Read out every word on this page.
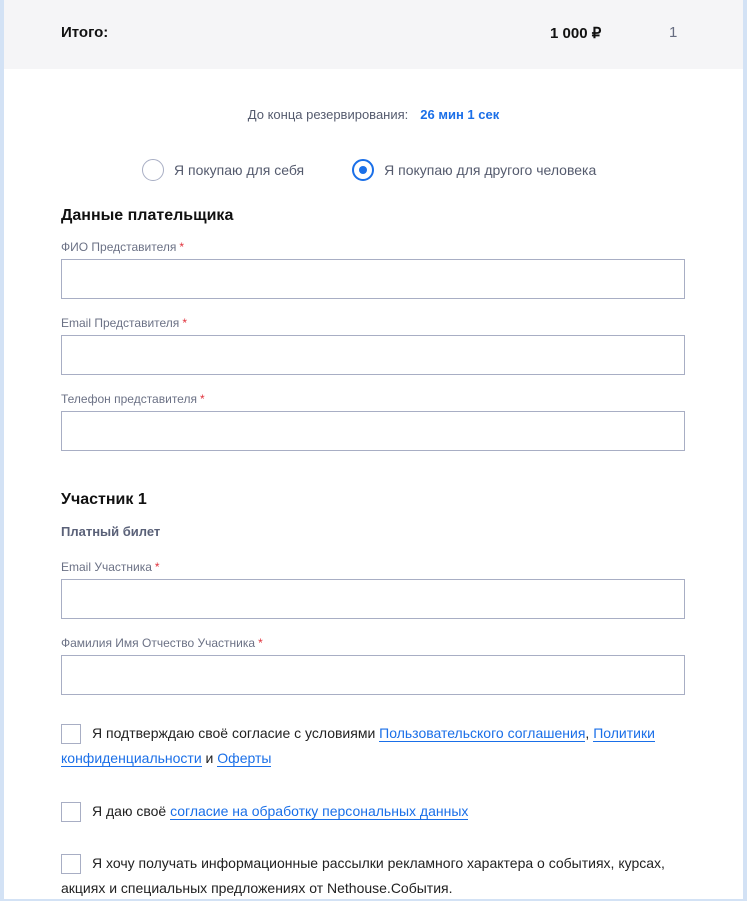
Итого:	1 000 ₽	1
До конца резервирования: 26 мин 1 сек
Я покупаю для себя	Я покупаю для другого человека
Данные плательщика
ФИО Представителя *
Email Представителя *
Телефон представителя *
Участник 1
Платный билет
Email Участника *
Фамилия Имя Отчество Участника *
Я подтверждаю своё согласие с условиями Пользовательского соглашения, Политики конфиденциальности и Оферты
Я даю своё согласие на обработку персональных данных
Я хочу получать информационные рассылки рекламного характера о событиях, курсах, акциях и специальных предложениях от Nethouse.События.
